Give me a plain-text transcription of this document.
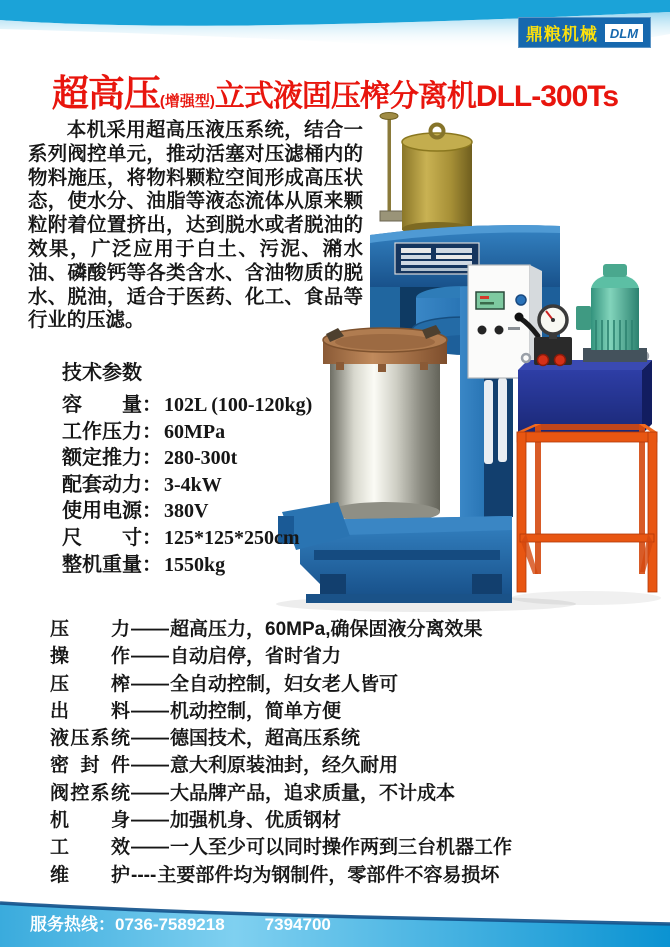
鼎粮机械 DLM
超高压(增强型)立式液固压榨分离机DLL-300Ts

本机采用超高压液压系统，结合一系列阀控单元，推动活塞对压滤桶内的物料施压，将物料颗粒空间形成高压状态，使水分、油脂等液态流体从原来颗粒附着位置挤出，达到脱水或者脱油的效果，广泛应用于白土、污泥、潲水油、磷酸钙等各类含水、含油物质的脱水、脱油，适合于医药、化工、食品等行业的压滤。

技术参数
容量 ： 102L (100-120kg)
工作压力 ： 60MPa
额定推力 ： 280-300t
配套动力 ： 3-4kW
使用电源 ： 380V
尺寸 ： 125*125*250cm
整机重量 ： 1550kg
压力 —— 超高压力，60MPa,确保固液分离效果
操作 —— 自动启停，省时省力
压榨 —— 全自动控制，妇女老人皆可
出料 —— 机动控制，简单方便
液压系统 —— 德国技术，超高压系统
密封件 —— 意大利原装油封，经久耐用
阀控系统 —— 大品牌产品，追求质量，不计成本
机身 —— 加强机身、优质钢材
工效 —— 一人至少可以同时操作两到三台机器工作
维护 ---- 主要部件均为钢制件，零部件不容易损坏
服务热线：0736-7589218 7394700
